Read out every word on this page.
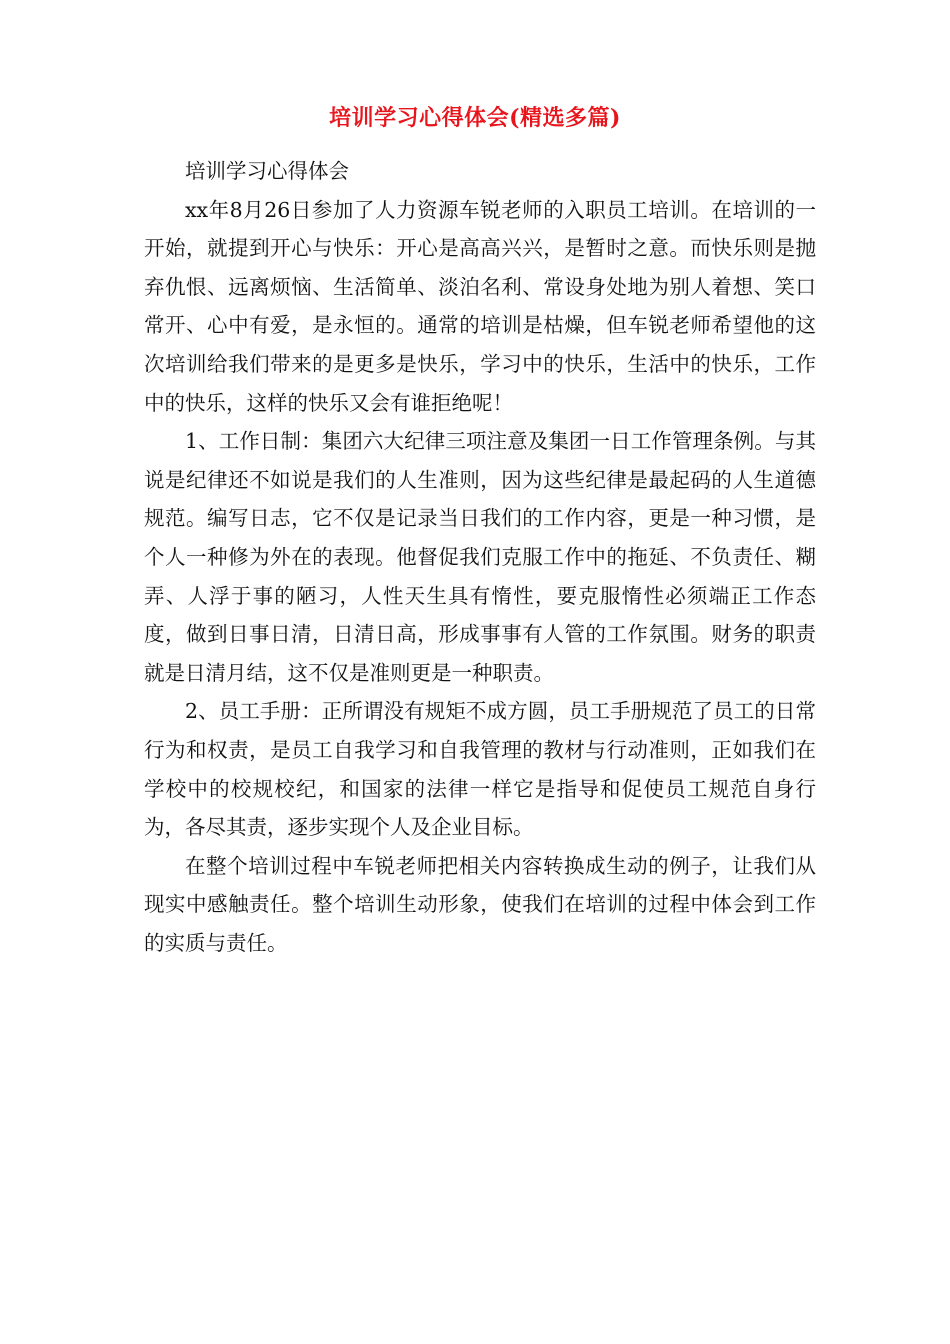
培训学习心得体会(精选多篇)

培训学习心得体会

xx年8月26日参加了人力资源车锐老师的入职员工培训。在培训的一开始，就提到开心与快乐：开心是高高兴兴，是暂时之意。而快乐则是抛弃仇恨、远离烦恼、生活简单、淡泊名利、常设身处地为别人着想、笑口常开、心中有爱，是永恒的。通常的培训是枯燥，但车锐老师希望他的这次培训给我们带来的是更多是快乐，学习中的快乐，生活中的快乐，工作中的快乐，这样的快乐又会有谁拒绝呢！

1、工作日制：集团六大纪律三项注意及集团一日工作管理条例。与其说是纪律还不如说是我们的人生准则，因为这些纪律是最起码的人生道德规范。编写日志，它不仅是记录当日我们的工作内容，更是一种习惯，是个人一种修为外在的表现。他督促我们克服工作中的拖延、不负责任、糊弄、人浮于事的陋习，人性天生具有惰性，要克服惰性必须端正工作态度，做到日事日清，日清日高，形成事事有人管的工作氛围。财务的职责就是日清月结，这不仅是准则更是一种职责。

2、员工手册：正所谓没有规矩不成方圆，员工手册规范了员工的日常行为和权责，是员工自我学习和自我管理的教材与行动准则，正如我们在学校中的校规校纪，和国家的法律一样它是指导和促使员工规范自身行为，各尽其责，逐步实现个人及企业目标。

在整个培训过程中车锐老师把相关内容转换成生动的例子，让我们从现实中感触责任。整个培训生动形象，使我们在培训的过程中体会到工作的实质与责任。
